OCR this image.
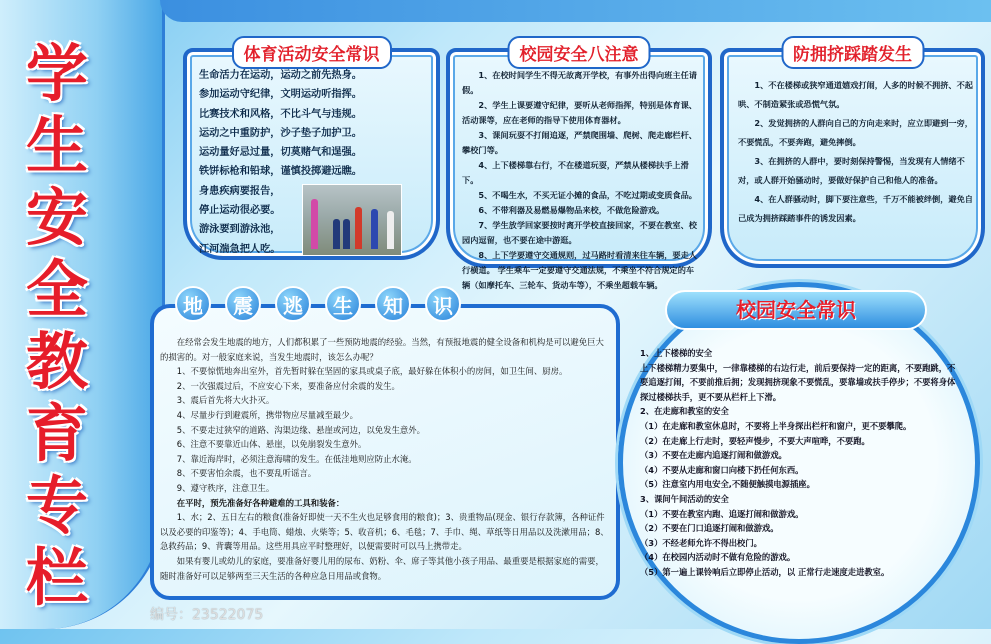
学
生
安
全
教
育
专
栏
体育活动安全常识

生命活力在运动，运动之前先热身。

参加运动守纪律，文明运动听指挥。

比赛技术和风格，不比斗气与违规。

运动之中重防护，沙子垫子加护卫。

运动量好忌过量，切莫赌气和逞强。

铁饼标枪和铅球，谨慎投掷避远瞧。

身患疾病要报告，

停止运动很必要。

游泳要到游泳池，

江河湍急把人吃。

校园安全八注意

1、在校时间学生不得无故离开学校，有事外出得向班主任请假。

2、学生上课要遵守纪律，要听从老师指挥，特别是体育课、活动课等，应在老师的指导下使用体育器材。

3、课间玩耍不打闹追逐，严禁爬围墙、爬树、爬走廊栏杆、攀校门等。

4、上下楼梯靠右行，不在楼道玩耍，严禁从楼梯扶手上滑下。

5、不喝生水，不买无证小摊的食品，不吃过期或变质食品。

6、不带利器及易燃易爆物品来校，不做危险游戏。

7、学生放学回家要按时离开学校直接回家，不要在教室、校园内逗留，也不要在途中游逛。

8、上下学要遵守交通规则，过马路时看清来往车辆，要走人行横道。 学生乘车一定要遵守交通法规，不乘坐不符合规定的车辆（如摩托车、三轮车、货动车等），不乘坐超载车辆。

防拥挤踩踏发生

1、不在楼梯或狭窄通道嬉戏打闹，人多的时候不拥挤、不起哄、不制造紧张或恐慌气氛。

2、发觉拥挤的人群向自己的方向走来时，应立即避到一旁，不要慌乱，不要奔跑，避免摔倒。

3、在拥挤的人群中，要时刻保持警惕，当发现有人情绪不对，或人群开始骚动时，要做好保护自己和他人的准备。

4、在人群骚动时，脚下要注意些，千万不能被绊倒，避免自己成为拥挤踩踏事件的诱发因素。

地	震	逃	生	知	识

在经常会发生地震的地方，人们都积累了一些预防地震的经验。当然，有预报地震的健全设备和机构是可以避免巨大的损害的。对一般家庭来说，当发生地震时，该怎么办呢？

1、不要惊慌地奔出室外，首先暂时躲在坚固的家具或桌子底，最好躲在体积小的房间，如卫生间、厨房。

2、一次强震过后，不应安心下来，要准备应付余震的发生。

3、震后首先将大火扑灭。

4、尽量步行到避震所，携带物应尽量减至最少。

5、不要走过狭窄的道路、沟渠边缘、悬崖或河边，以免发生意外。

6、注意不要靠近山体、悬崖，以免崩裂发生意外。

7、靠近海岸时，必须注意海啸的发生。在低洼地则应防止水淹。

8、不要害怕余震，也不要乱听谣言。

9、遵守秩序，注意卫生。

在平时，预先准备好各种避难的工具和装备：

1、水；2、五日左右的粮食(准备好即使一天不生火也足够食用的粮食)；3、贵重物品(现金、银行存款簿，各种证件以及必要的印鉴等)；4、手电筒、蜡烛、火柴等；5、收音机；6、毛毯；7、手巾、绳、草纸等日用品以及洗漱用品；8、急救药品；9、背囊等用品。这些用具应平时整理好，以便需要时可以马上携带走。

如果有婴儿或幼儿的家庭，要准备好婴儿用的尿布、奶粉、伞、席子等其他小孩子用品、最重要是根据家庭的需要，随时准备好可以足够两至三天生活的各种应急日用品或食物。

校园安全常识

1、上下楼梯的安全

上下楼梯精力要集中，一律靠楼梯的右边行走，前后要保持一定的距离，不要跑跳，不要追逐打闹，不要前推后拥；发现拥挤现象不要慌乱，要靠墙或扶手停步；不要将身体探过楼梯扶手，更不要从栏杆上下滑。

2、在走廊和教室的安全

（1）在走廊和教室休息时，不要将上半身探出栏杆和窗户，更不要攀爬。

（2）在走廊上行走时，要轻声慢步，不要大声喧哗，不要跑。

（3）不要在走廊内追逐打闹和做游戏。

（4）不要从走廊和窗口向楼下扔任何东西。

（5）注意室内用电安全,不随便触摸电源插座。

3、课间午间活动的安全

（1）不要在教室内跑、追逐打闹和做游戏。

（2）不要在门口追逐打闹和做游戏。

（3）不经老师允许不得出校门。

（4）在校园内活动时不做有危险的游戏。

（5）第一遍上课铃响后立即停止活动，以 正常行走速度走进教室。

编号：23522075
